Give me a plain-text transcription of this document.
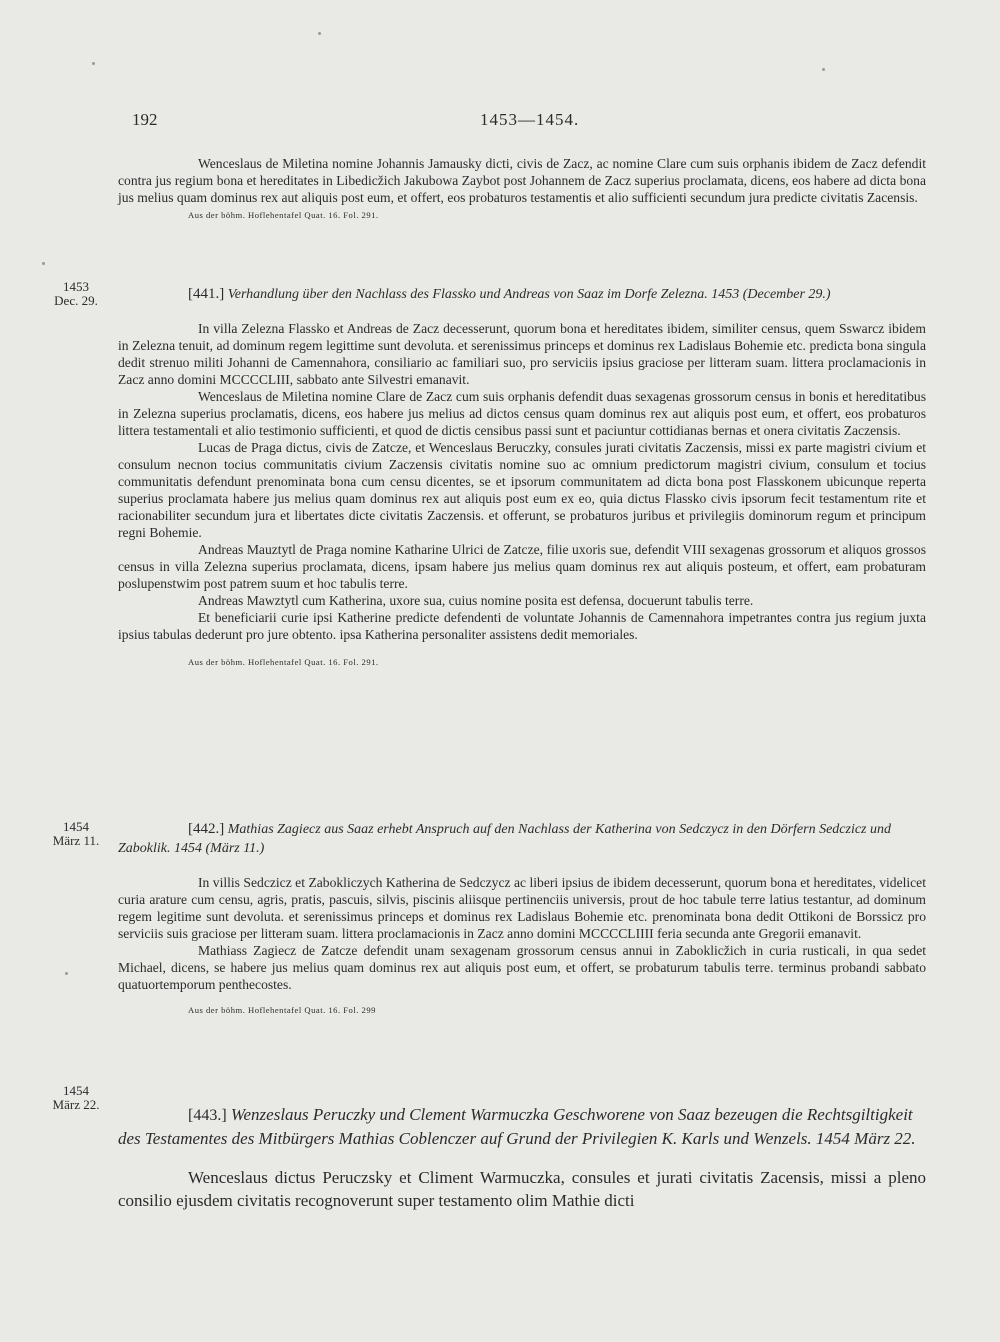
192	1453—1454.

Wenceslaus de Miletina nomine Johannis Jamausky dicti, civis de Zacz, ac nomine Clare cum suis orphanis ibidem de Zacz defendit contra jus regium bona et hereditates in Libedicžich Jakubowa Zaybot post Johannem de Zacz superius proclamata, dicens, eos habere ad dicta bona jus melius quam dominus rex aut aliquis post eum, et offert, eos probaturos testamentis et alio sufficienti secundum jura predicte civitatis Zacensis.

Aus der böhm. Hoflehentafel Quat. 16. Fol. 291.
1453
Dec. 29.	[441.] Verhandlung über den Nachlass des Flassko und Andreas von Saaz im Dorfe Zelezna. 1453 (December 29.)

In villa Zelezna Flassko et Andreas de Zacz decesserunt, quorum bona et hereditates ibidem, similiter census, quem Sswarcz ibidem in Zelezna tenuit, ad dominum regem legittime sunt devoluta. et serenissimus princeps et dominus rex Ladislaus Bohemie etc. predicta bona singula dedit strenuo militi Johanni de Camennahora, consiliario ac familiari suo, pro serviciis ipsius graciose per litteram suam. littera proclamacionis in Zacz anno domini MCCCCLIII, sabbato ante Silvestri emanavit.

Wenceslaus de Miletina nomine Clare de Zacz cum suis orphanis defendit duas sexagenas grossorum census in bonis et hereditatibus in Zelezna superius proclamatis, dicens, eos habere jus melius ad dictos census quam dominus rex aut aliquis post eum, et offert, eos probaturos littera testamentali et alio testimonio sufficienti, et quod de dictis censibus passi sunt et paciuntur cottidianas bernas et onera civitatis Zaczensis.

Lucas de Praga dictus, civis de Zatcze, et Wenceslaus Beruczky, consules jurati civitatis Zaczensis, missi ex parte magistri civium et consulum necnon tocius communitatis civium Zaczensis civitatis nomine suo ac omnium predictorum magistri civium, consulum et tocius communitatis defendunt prenominata bona cum censu dicentes, se et ipsorum communitatem ad dicta bona post Flasskonem ubicunque reperta superius proclamata habere jus melius quam dominus rex aut aliquis post eum ex eo, quia dictus Flassko civis ipsorum fecit testamentum rite et racionabiliter secundum jura et libertates dicte civitatis Zaczensis. et offerunt, se probaturos juribus et privilegiis dominorum regum et principum regni Bohemie.

Andreas Mauztytl de Praga nomine Katharine Ulrici de Zatcze, filie uxoris sue, defendit VIII sexagenas grossorum et aliquos grossos census in villa Zelezna superius proclamata, dicens, ipsam habere jus melius quam dominus rex aut aliquis posteum, et offert, eam probaturam poslupenstwim post patrem suum et hoc tabulis terre.

Andreas Mawztytl cum Katherina, uxore sua, cuius nomine posita est defensa, docuerunt tabulis terre.

Et beneficiarii curie ipsi Katherine predicte defendenti de voluntate Johannis de Camennahora impetrantes contra jus regium juxta ipsius tabulas dederunt pro jure obtento. ipsa Katherina personaliter assistens dedit memoriales.

Aus der böhm. Hoflehentafel Quat. 16. Fol. 291.
1454
März 11.

[442.] Mathias Zagiecz aus Saaz erhebt Anspruch auf den Nachlass der Katherina von Sedczycz in den Dörfern Sedczicz und Zaboklik. 1454 (März 11.)

In villis Sedczicz et Zabokliczych Katherina de Sedczycz ac liberi ipsius de ibidem decesserunt, quorum bona et hereditates, videlicet curia arature cum censu, agris, pratis, pascuis, silvis, piscinis aliisque pertinenciis universis, prout de hoc tabule terre latius testantur, ad dominum regem legitime sunt devoluta. et serenissimus princeps et dominus rex Ladislaus Bohemie etc. prenominata bona dedit Ottikoni de Borssicz pro serviciis suis graciose per litteram suam. littera proclamacionis in Zacz anno domini MCCCCLIIII feria secunda ante Gregorii emanavit.

Mathiass Zagiecz de Zatcze defendit unam sexagenam grossorum census annui in Zaboklicžich in curia rusticali, in qua sedet Michael, dicens, se habere jus melius quam dominus rex aut aliquis post eum, et offert, se probaturum tabulis terre. terminus probandi sabbato quatuortemporum penthecostes.

Aus der böhm. Hoflehentafel Quat. 16. Fol. 299
1454
März 22.

[443.] Wenzeslaus Peruczky und Clement Warmuczka Geschworene von Saaz bezeugen die Rechtsgiltigkeit des Testamentes des Mitbürgers Mathias Coblenczer auf Grund der Privilegien K. Karls und Wenzels. 1454 März 22.

Wenceslaus dictus Peruczsky et Climent Warmuczka, consules et jurati civitatis Zacensis, missi a pleno consilio ejusdem civitatis recognoverunt super testamento olim Mathie dicti
